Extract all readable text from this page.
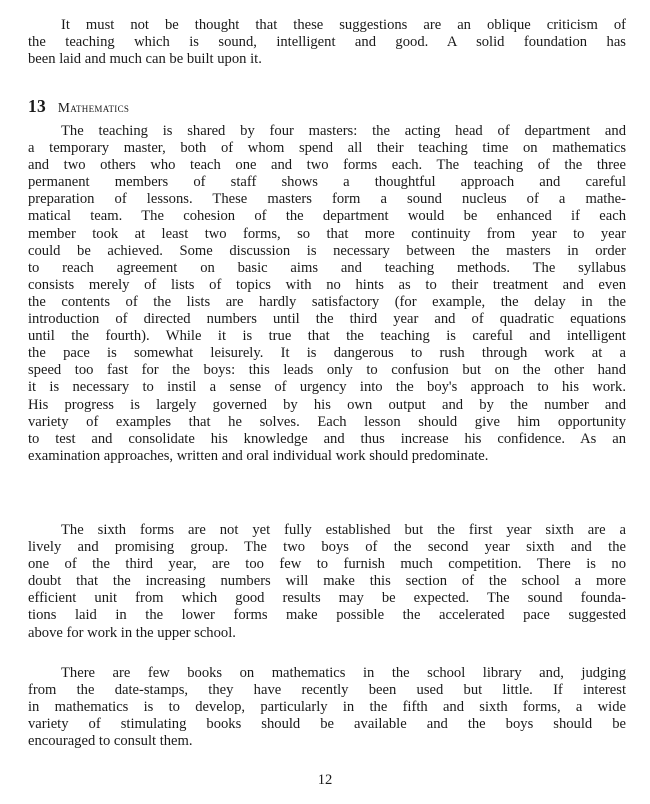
It must not be thought that these suggestions are an oblique criticism of
the teaching which is sound, intelligent and good. A solid foundation has
been laid and much can be built upon it.
13 Mathematics
The teaching is shared by four masters: the acting head of department and
a temporary master, both of whom spend all their teaching time on mathematics
and two others who teach one and two forms each. The teaching of the three
permanent members of staff shows a thoughtful approach and careful
preparation of lessons. These masters form a sound nucleus of a mathe-
matical team. The cohesion of the department would be enhanced if each
member took at least two forms, so that more continuity from year to year
could be achieved. Some discussion is necessary between the masters in order
to reach agreement on basic aims and teaching methods. The syllabus
consists merely of lists of topics with no hints as to their treatment and even
the contents of the lists are hardly satisfactory (for example, the delay in the
introduction of directed numbers until the third year and of quadratic equations
until the fourth). While it is true that the teaching is careful and intelligent
the pace is somewhat leisurely. It is dangerous to rush through work at a
speed too fast for the boys: this leads only to confusion but on the other hand
it is necessary to instil a sense of urgency into the boy's approach to his work.
His progress is largely governed by his own output and by the number and
variety of examples that he solves. Each lesson should give him opportunity
to test and consolidate his knowledge and thus increase his confidence. As an
examination approaches, written and oral individual work should predominate.
The sixth forms are not yet fully established but the first year sixth are a
lively and promising group. The two boys of the second year sixth and the
one of the third year, are too few to furnish much competition. There is no
doubt that the increasing numbers will make this section of the school a more
efficient unit from which good results may be expected. The sound founda-
tions laid in the lower forms make possible the accelerated pace suggested
above for work in the upper school.
There are few books on mathematics in the school library and, judging
from the date-stamps, they have recently been used but little. If interest
in mathematics is to develop, particularly in the fifth and sixth forms, a wide
variety of stimulating books should be available and the boys should be
encouraged to consult them.
12
